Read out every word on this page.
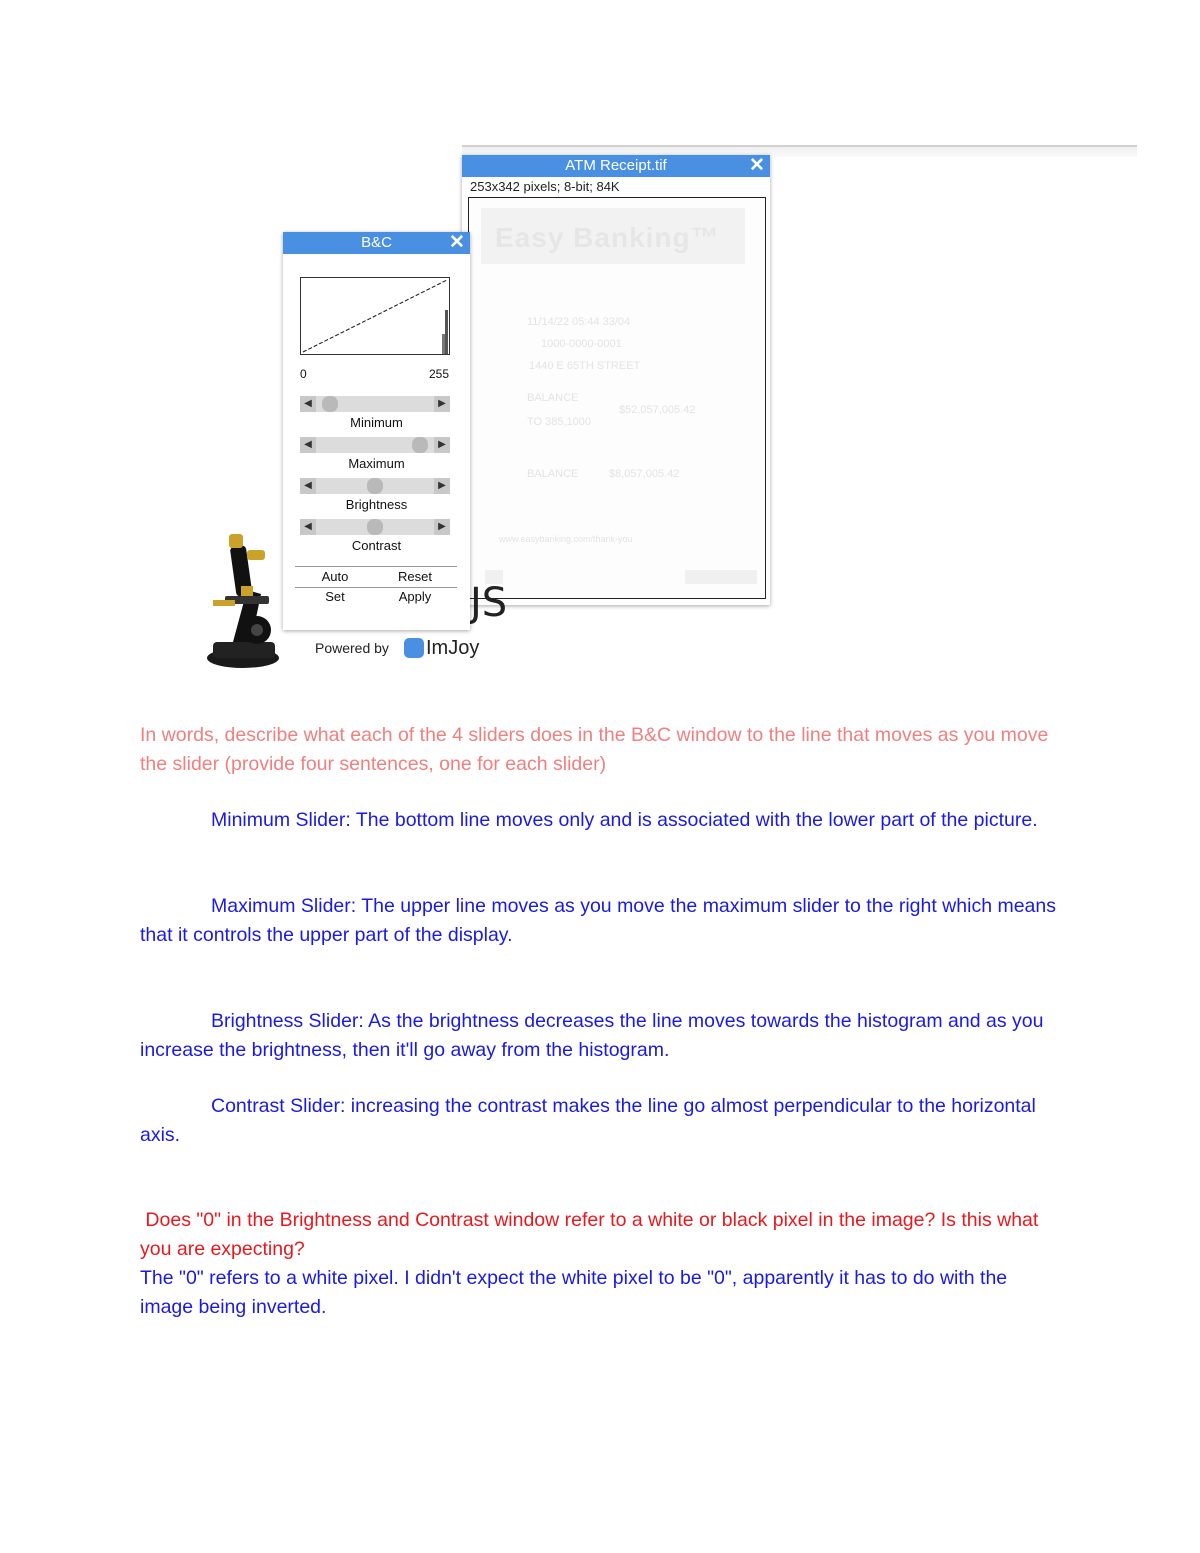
ATM Receipt.tif	✕
253x342 pixels; 8-bit; 84K
Easy Banking™
11/14/22 05:44 33/04
1000-0000-0001
1440 E 65TH STREET
BALANCE
$52,057,005.42
TO 385,1000
BALANCE	$8,057,005.42
www.easybanking.com/thank-you
JS
Powered by ImJoy
B&C	✕
0	255
◀	▶
Minimum
◀	▶
Maximum
◀	▶
Brightness
◀	▶
Contrast
Auto	Reset
Set	Apply

In words, describe what each of the 4 sliders does in the B&C window to the line that moves as you move the slider (provide four sentences, one for each slider)

Minimum Slider: The bottom line moves only and is associated with the lower part of the picture.

Maximum Slider: The upper line moves as you move the maximum slider to the right which means that it controls the upper part of the display.

Brightness Slider: As the brightness decreases the line moves towards the histogram and as you increase the brightness, then it'll go away from the histogram.

Contrast Slider: increasing the contrast makes the line go almost perpendicular to the horizontal axis.

Does "0" in the Brightness and Contrast window refer to a white or black pixel in the image? Is this what you are expecting?

The "0" refers to a white pixel. I didn't expect the white pixel to be "0", apparently it has to do with the image being inverted.
